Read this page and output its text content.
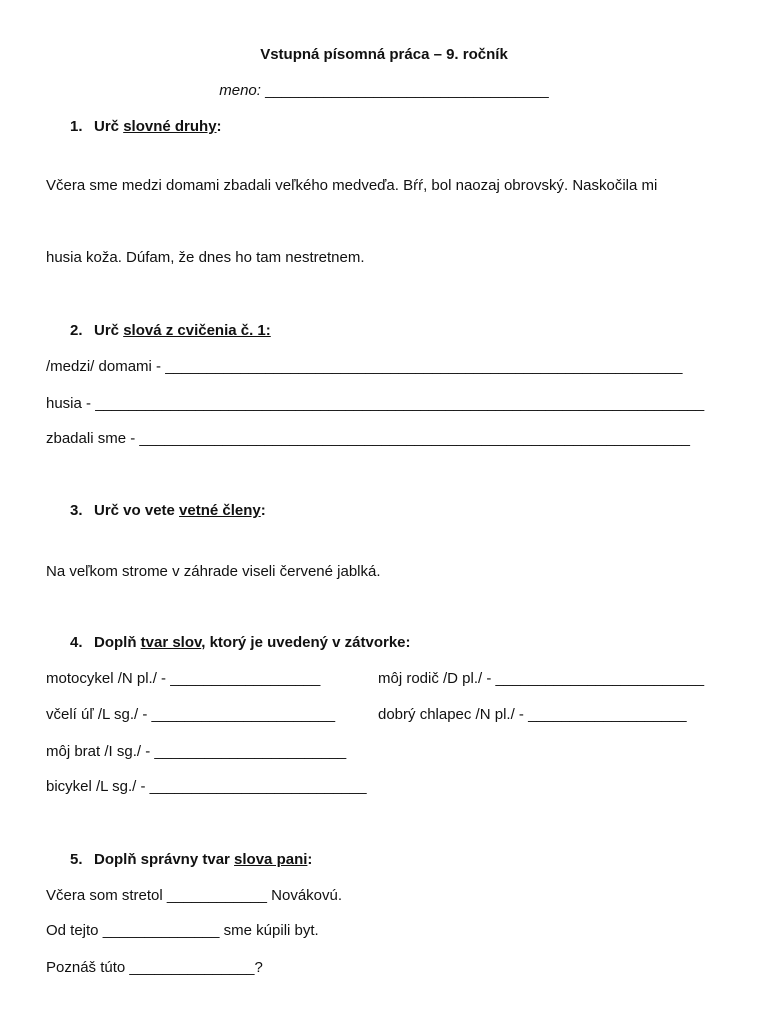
Vstupná písomná práca – 9. ročník
meno: __________________________________
1. Urč slovné druhy:
Včera sme medzi domami zbadali veľkého medveďa. Bŕŕ, bol naozaj obrovský. Naskočila mi
husia koža. Dúfam, že dnes ho tam nestretnem.
2. Urč slová z cvičenia č. 1:
/medzi/ domami - ______________________________________________________________
husia - _________________________________________________________________________
zbadali sme - __________________________________________________________________
3. Urč vo vete vetné členy:
Na veľkom strome v záhrade viseli červené jablká.
4. Doplň tvar slov, ktorý je uvedený v zátvorke:
motocykel /N pl./ - __________________	môj rodič /D pl./ - _________________________
včelí úľ /L sg./ - ______________________	dobrý chlapec /N pl./ - ___________________
môj brat /I sg./ - _______________________
bicykel /L sg./ - __________________________
5. Doplň správny tvar slova pani:
Včera som stretol ____________ Novákovú.
Od tejto ______________ sme kúpili byt.
Poznáš túto _______________?
